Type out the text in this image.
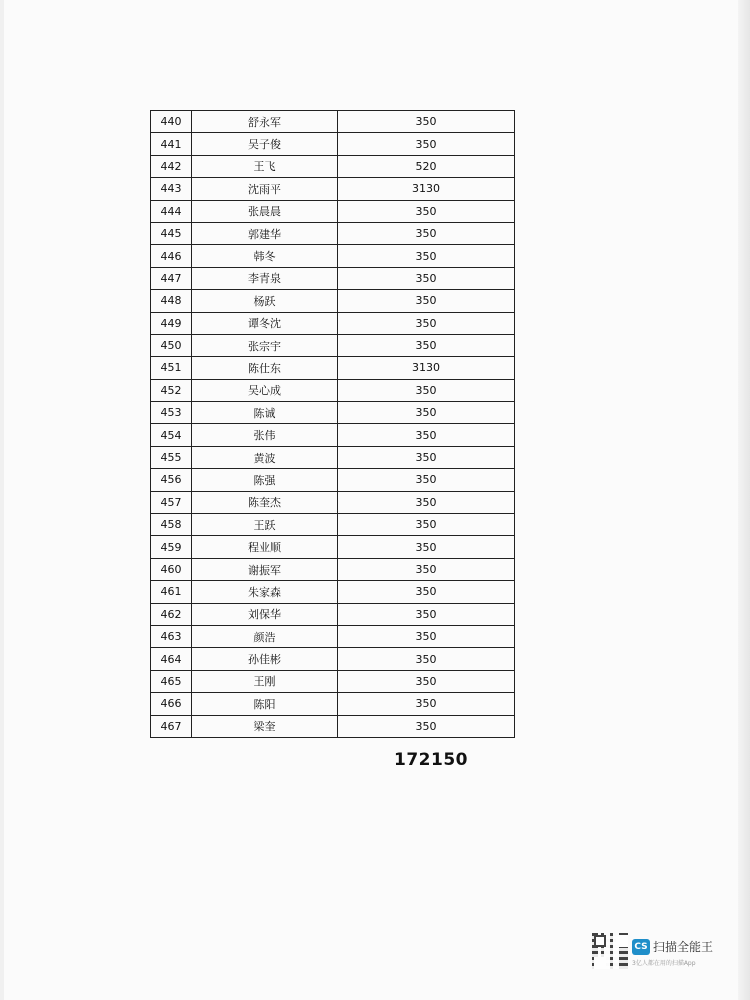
440	舒永军	350
441	吴子俊	350
442	王飞	520
443	沈雨平	3130
444	张晨晨	350
445	郭建华	350
446	韩冬	350
447	李青泉	350
448	杨跃	350
449	谭冬沈	350
450	张宗宇	350
451	陈仕东	3130
452	吴心成	350
453	陈诚	350
454	张伟	350
455	黄波	350
456	陈强	350
457	陈奎杰	350
458	王跃	350
459	程业顺	350
460	谢振军	350
461	朱家森	350
462	刘保华	350
463	颜浩	350
464	孙佳彬	350
465	王刚	350
466	陈阳	350
467	梁奎	350
172150
CS 扫描全能王
3亿人都在用的扫描App
